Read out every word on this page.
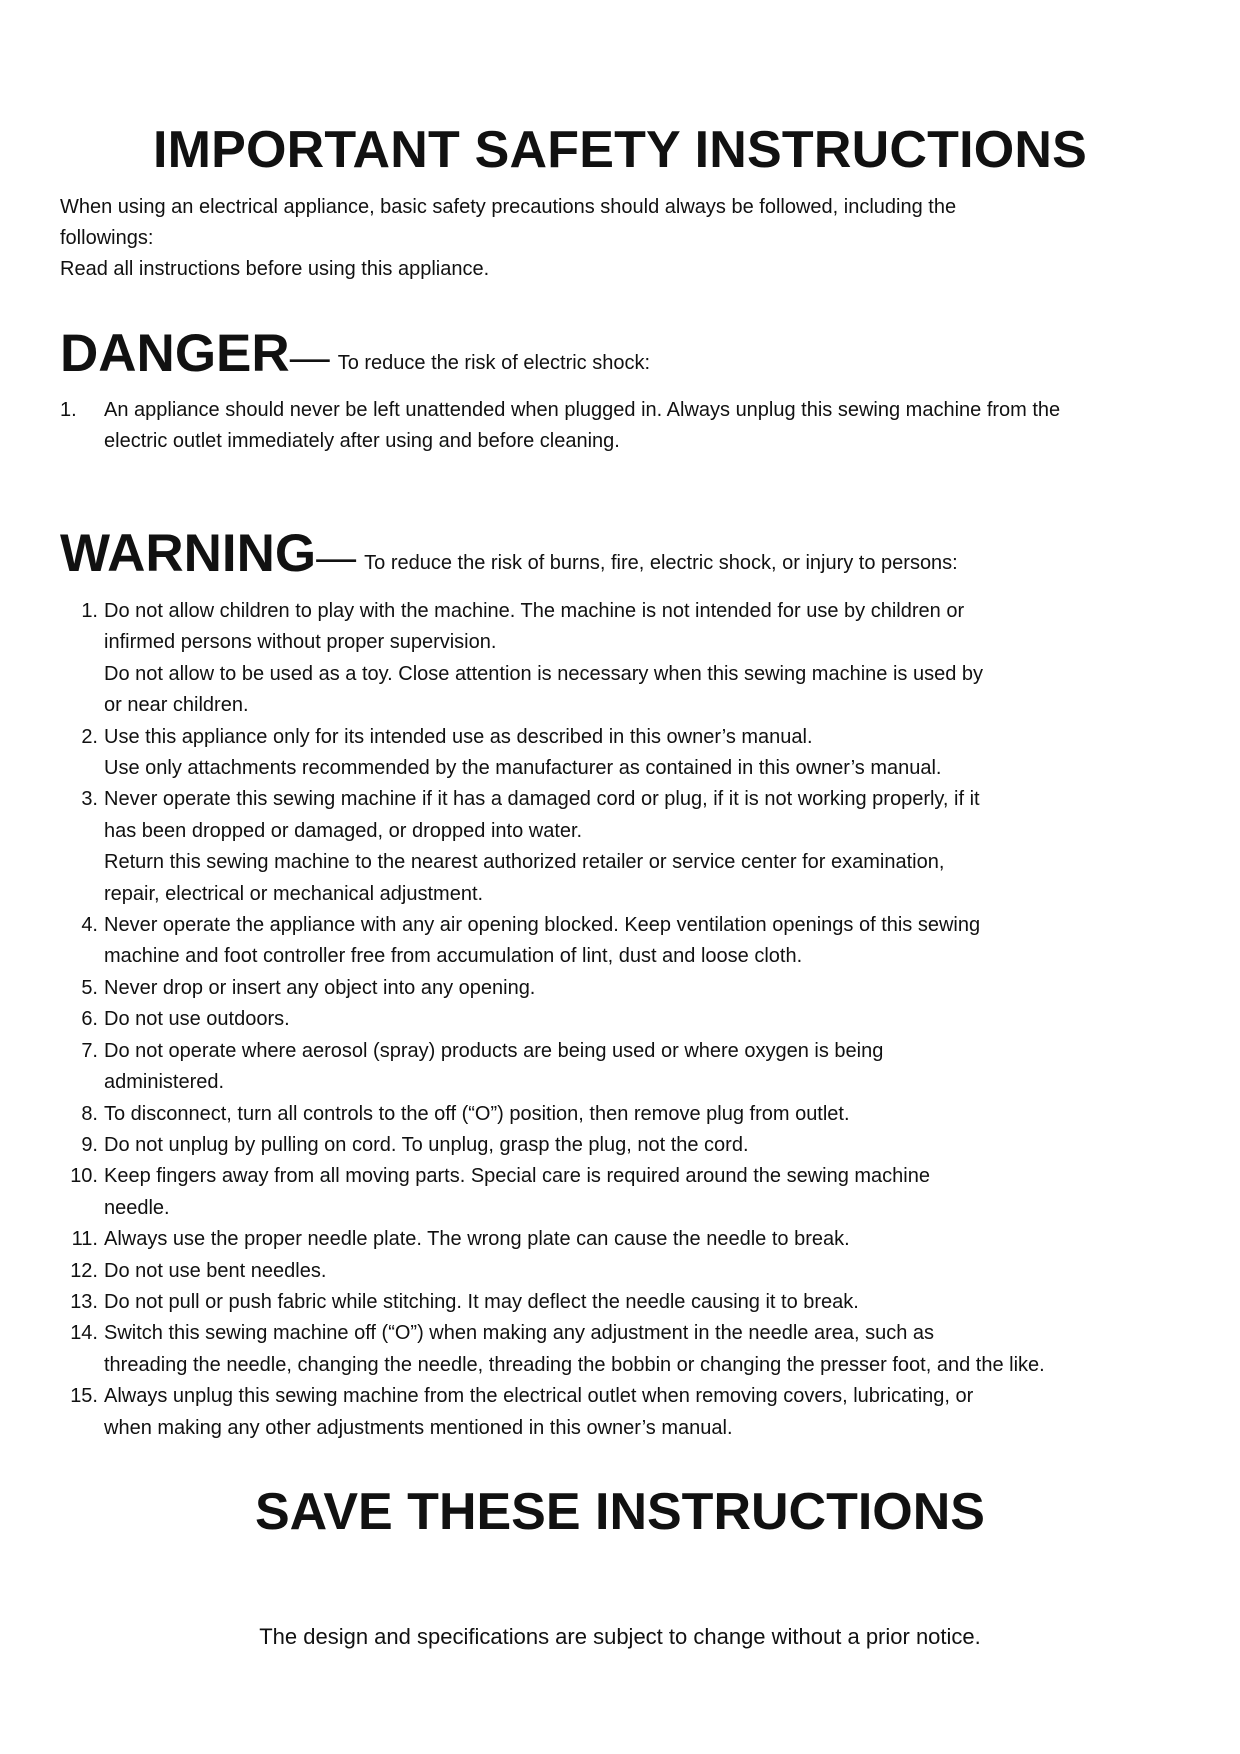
IMPORTANT SAFETY INSTRUCTIONS

When using an electrical appliance, basic safety precautions should always be followed, including the

followings:

Read all instructions before using this appliance.

DANGER— To reduce the risk of electric shock:
1.	An appliance should never be left unattended when plugged in. Always unplug this sewing machine from the
electric outlet immediately after using and before cleaning.
WARNING— To reduce the risk of burns, fire, electric shock, or injury to persons:
1. Do not allow children to play with the machine. The machine is not intended for use by children or
infirmed persons without proper supervision.
Do not allow to be used as a toy. Close attention is necessary when this sewing machine is used by
or near children.
2. Use this appliance only for its intended use as described in this owner’s manual.
Use only attachments recommended by the manufacturer as contained in this owner’s manual.
3. Never operate this sewing machine if it has a damaged cord or plug, if it is not working properly, if it
has been dropped or damaged, or dropped into water.
Return this sewing machine to the nearest authorized retailer or service center for examination,
repair, electrical or mechanical adjustment.
4. Never operate the appliance with any air opening blocked. Keep ventilation openings of this sewing
machine and foot controller free from accumulation of lint, dust and loose cloth.
5. Never drop or insert any object into any opening.
6. Do not use outdoors.
7. Do not operate where aerosol (spray) products are being used or where oxygen is being
administered.
8. To disconnect, turn all controls to the off (“O”) position, then remove plug from outlet.
9. Do not unplug by pulling on cord. To unplug, grasp the plug, not the cord.
10. Keep fingers away from all moving parts. Special care is required around the sewing machine
needle.
11. Always use the proper needle plate. The wrong plate can cause the needle to break.
12. Do not use bent needles.
13. Do not pull or push fabric while stitching. It may deflect the needle causing it to break.
14. Switch this sewing machine off (“O”) when making any adjustment in the needle area, such as
threading the needle, changing the needle, threading the bobbin or changing the presser foot, and the like.
15. Always unplug this sewing machine from the electrical outlet when removing covers, lubricating, or
when making any other adjustments mentioned in this owner’s manual.
SAVE THESE INSTRUCTIONS

The design and specifications are subject to change without a prior notice.
